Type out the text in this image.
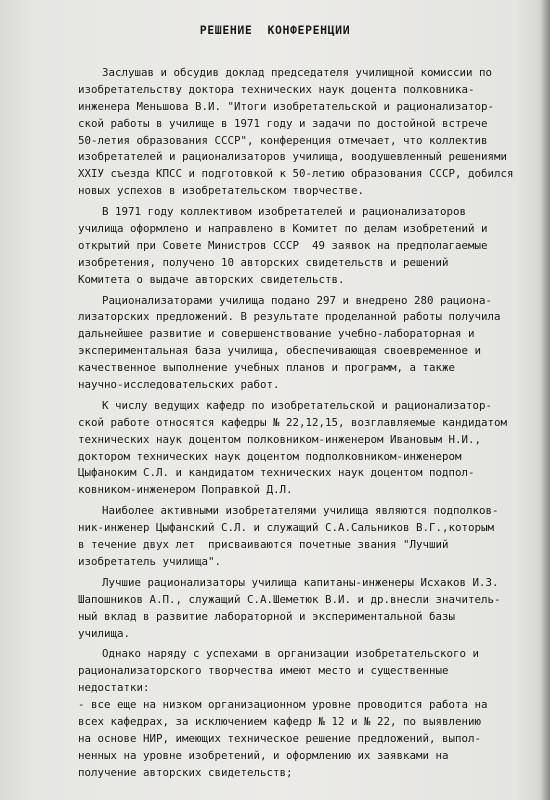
РЕШЕНИЕ  КОНФЕРЕНЦИИ
Заслушав и обсудив доклад председателя училищной комиссии по
изобретательству доктора технических наук доцента полковника-
инженера Меньшова В.И. "Итоги изобретательской и рационализатор-
ской работы в училище в 1971 году и задачи по достойной встрече
50-летия образования СССР", конференция отмечает, что коллектив
изобретателей и рационализаторов училища, воодушевленный решениями
ХХIУ съезда КПСС и подготовкой к 50-летию образования СССР, добился
новых успехов в изобретательском творчестве.
В 1971 году коллективом изобретателей и рационализаторов
училища оформлено и направлено в Комитет по делам изобретений и
открытий при Совете Министров СССР  49 заявок на предполагаемые
изобретения, получено 10 авторских свидетельств и решений
Комитета о выдаче авторских свидетельств.
Рационализаторами училища подано 297 и внедрено 280 рациона-
лизаторских предложений. В результате проделанной работы получила
дальнейшее развитие и совершенствование учебно-лабораторная и
экспериментальная база училища, обеспечивающая своевременное и
качественное выполнение учебных планов и программ, а также
научно-исследовательских работ.
К числу ведущих кафедр по изобретательской и рационализатор-
ской работе относятся кафедры № 22,12,15, возглавляемые кандидатом
технических наук доцентом полковником-инженером Ивановым Н.И.,
доктором технических наук доцентом подполковником-инженером
Цыфаноким С.Л. и кандидатом технических наук доцентом подпол-
ковником-инженером Поправкой Д.Л.
Наиболее активными изобретателями училища являются подполков-
ник-инженер Цыфанский С.Л. и служащий С.А.Сальников В.Г.,которым
в течение двух лет  присваиваются почетные звания "Лучший
изобретатель училища".
Лучшие рационализаторы училища капитаны-инженеры Исхаков И.З.
Шапошников А.П., служащий С.А.Шеметюк В.И. и др.внесли значитель-
ный вклад в развитие лабораторной и экспериментальной базы
училища.
Однако наряду с успехами в организации изобретательского и
рационализаторского творчества имеют место и существенные
недостатки:
- все еще на низком организационном уровне проводится работа на
всех кафедрах, за исключением кафедр № 12 и № 22, по выявлению
на основе НИР, имеющих техническое решение предложений, выпол-
ненных на уровне изобретений, и оформлению их заявками на
получение авторских свидетельств;
